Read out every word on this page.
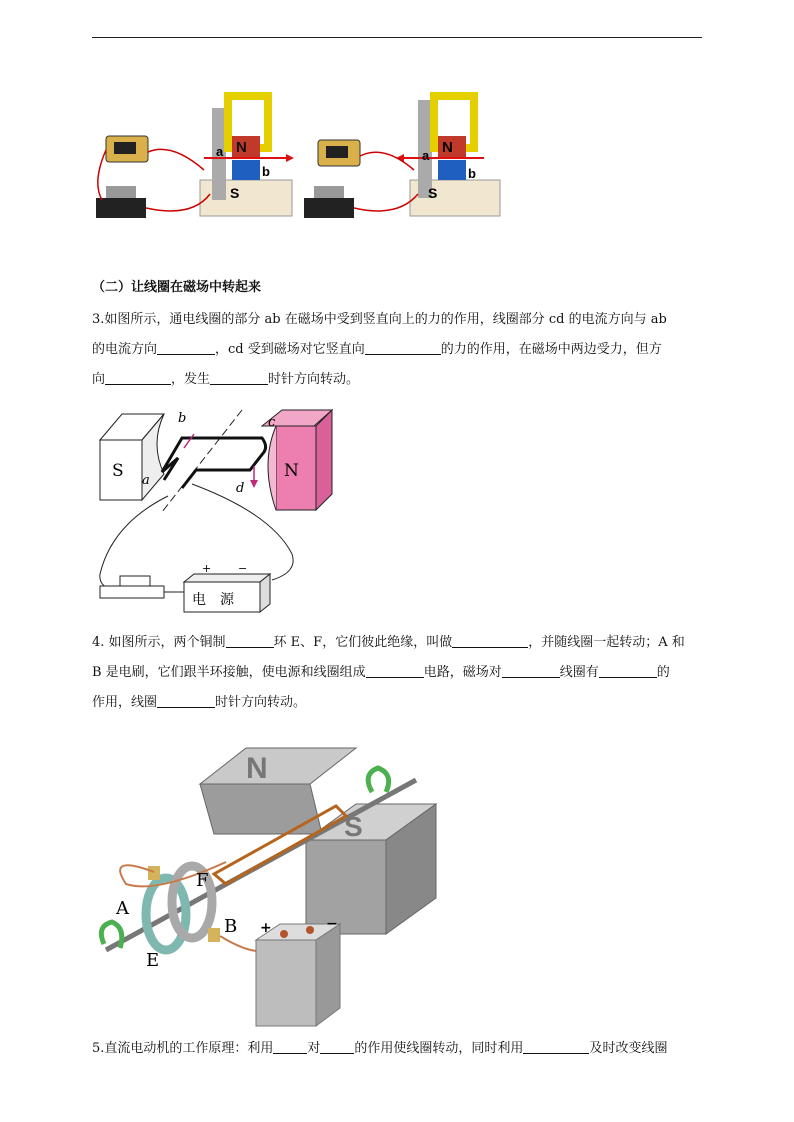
a N
S
b
a N
S
b
（二）让线圈在磁场中转起来
3.如图所示，通电线圈的部分 ab 在磁场中受到竖直向上的力的作用，线圈部分 cd 的电流方向与 ab
的电流方向	，cd 受到磁场对它竖直向	的力的作用，在磁场中两边受力，但方
向	，发生	时针方向转动。
S	N
b	c
a
d
+ −
电　源
4. 如图所示，两个铜制	环 E、F，它们彼此绝缘，叫做	，并随线圈一起转动；A 和
B 是电刷，它们跟半环接触，使电源和线圈组成	电路，磁场对	线圈有	的
作用，线圈	时针方向转动。
N
S
+	−
F
A
B
E
5.直流电动机的工作原理：利用	对	的作用使线圈转动，同时利用	及时改变线圈
